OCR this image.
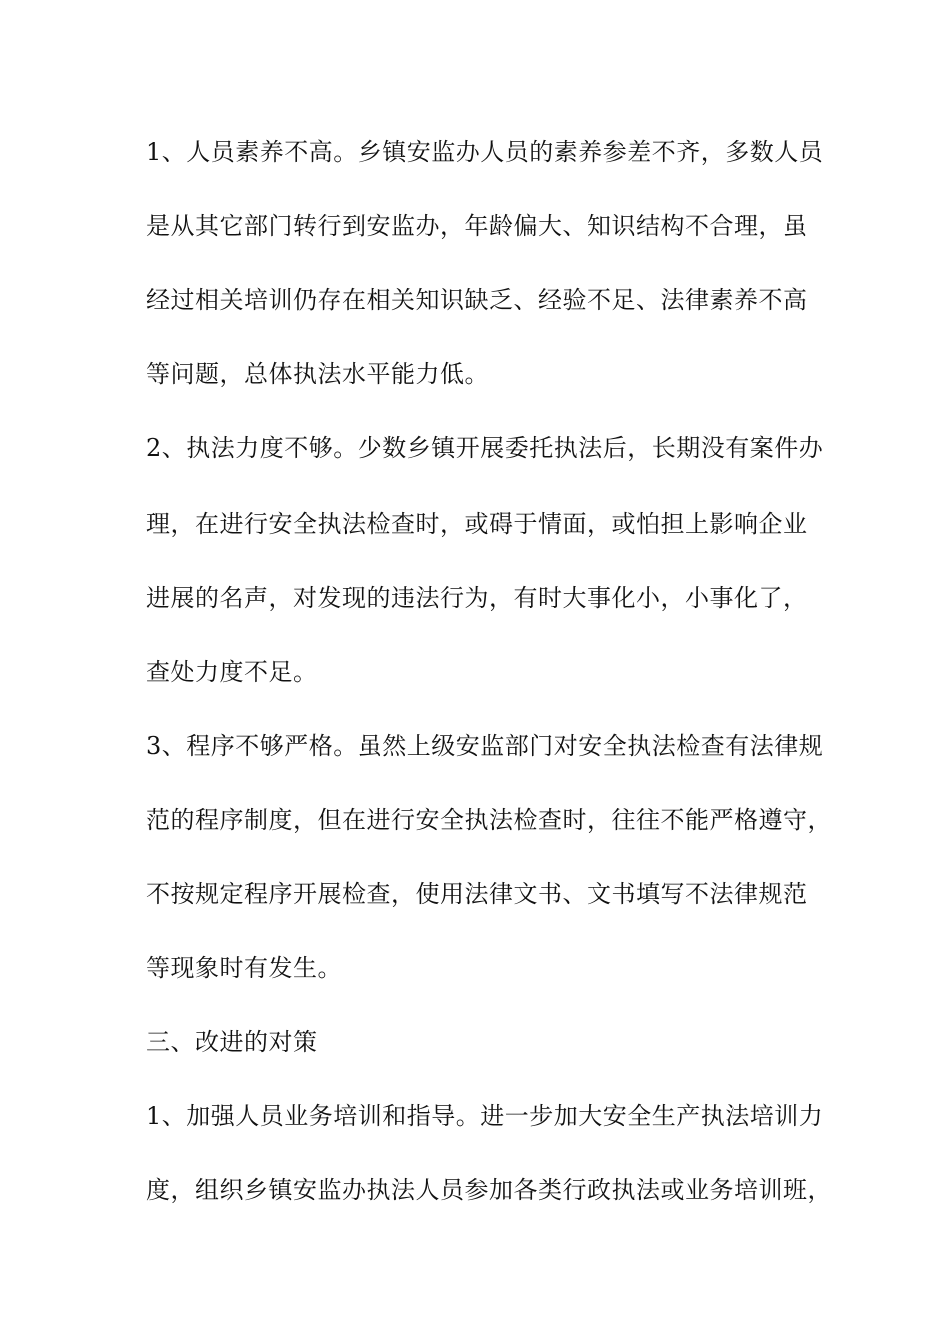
1、人员素养不高。乡镇安监办人员的素养参差不齐，多数人员
是从其它部门转行到安监办，年龄偏大、知识结构不合理，虽
经过相关培训仍存在相关知识缺乏、经验不足、法律素养不高
等问题，总体执法水平能力低。
2、执法力度不够。少数乡镇开展委托执法后，长期没有案件办
理，在进行安全执法检查时，或碍于情面，或怕担上影响企业
进展的名声，对发现的违法行为，有时大事化小，小事化了，
查处力度不足。
3、程序不够严格。虽然上级安监部门对安全执法检查有法律规
范的程序制度，但在进行安全执法检查时，往往不能严格遵守，
不按规定程序开展检查，使用法律文书、文书填写不法律规范
等现象时有发生。
三、改进的对策
1、加强人员业务培训和指导。进一步加大安全生产执法培训力
度，组织乡镇安监办执法人员参加各类行政执法或业务培训班，
